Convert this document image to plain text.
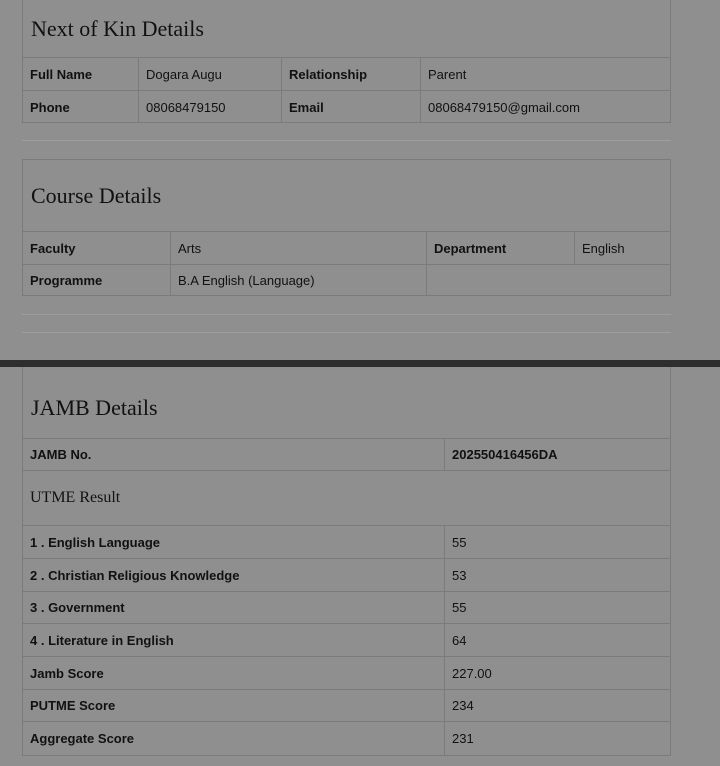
Next of Kin Details
Full Name	Dogara Augu	Relationship	Parent
Phone	08068479150	Email	08068479150@gmail.com
Course Details
Faculty	Arts	Department	English
Programme	B.A English (Language)
JAMB Details
JAMB No.	202550416456DA
UTME Result
1 . English Language	55
2 . Christian Religious Knowledge	53
3 . Government	55
4 . Literature in English	64
Jamb Score	227.00
PUTME Score	234
Aggregate Score	231
